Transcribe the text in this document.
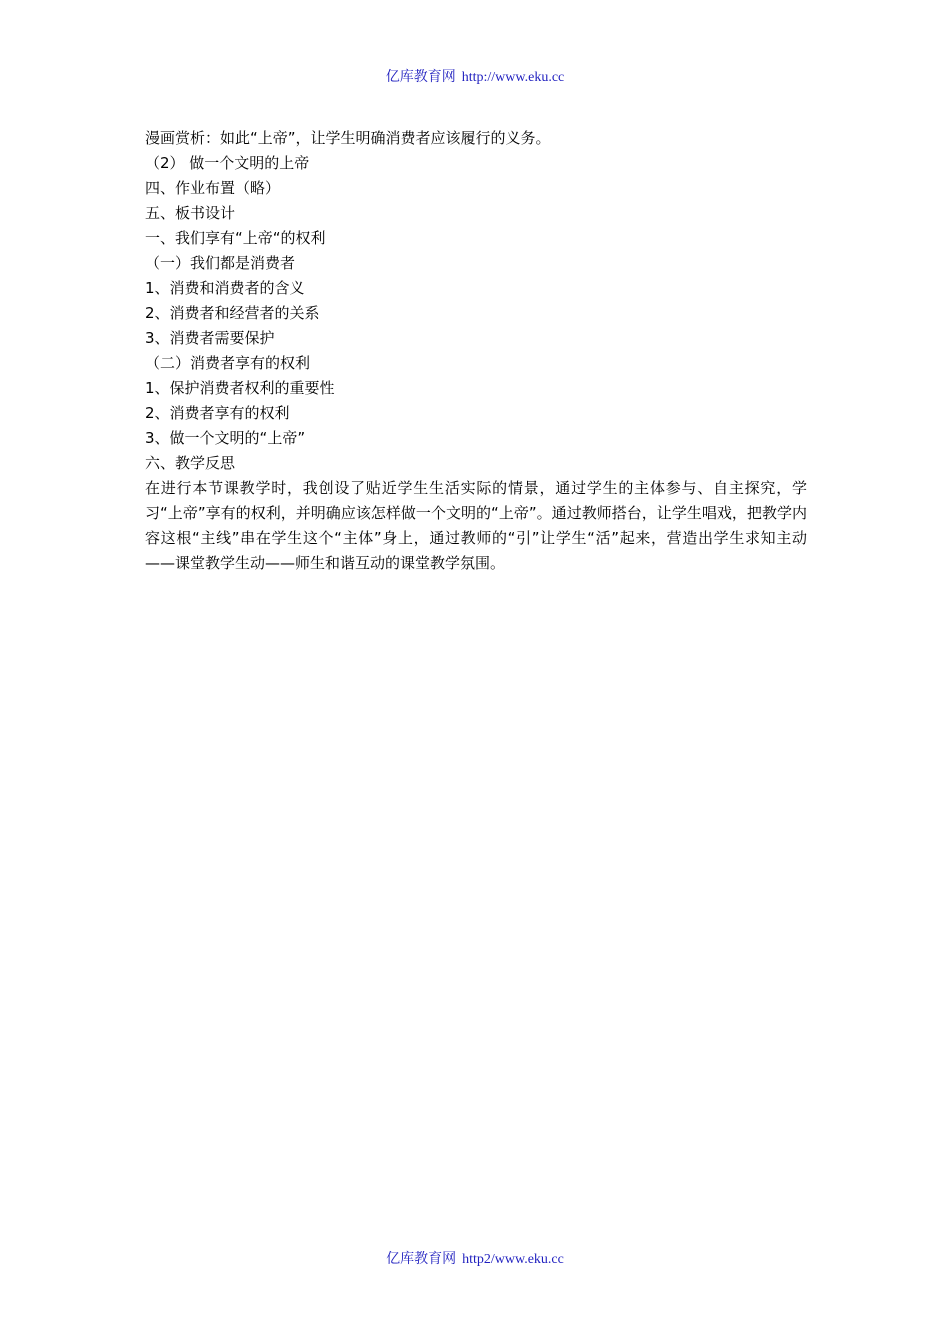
亿库教育网 http://www.eku.cc
漫画赏析：如此“上帝”，让学生明确消费者应该履行的义务。
（2） 做一个文明的上帝
四、作业布置（略）
五、板书设计
一、我们享有“上帝“的权利
（一）我们都是消费者
1、消费和消费者的含义
2、消费者和经营者的关系
3、消费者需要保护
（二）消费者享有的权利
1、保护消费者权利的重要性
2、消费者享有的权利
3、做一个文明的“上帝”
六、教学反思
在进行本节课教学时，我创设了贴近学生生活实际的情景，通过学生的主体参与、自主探究，学习“上帝”享有的权利，并明确应该怎样做一个文明的“上帝”。通过教师搭台，让学生唱戏，把教学内容这根“主线”串在学生这个“主体”身上，通过教师的“引”让学生“活”起来，营造出学生求知主动——课堂教学生动——师生和谐互动的课堂教学氛围。
亿库教育网 http2/www.eku.cc
